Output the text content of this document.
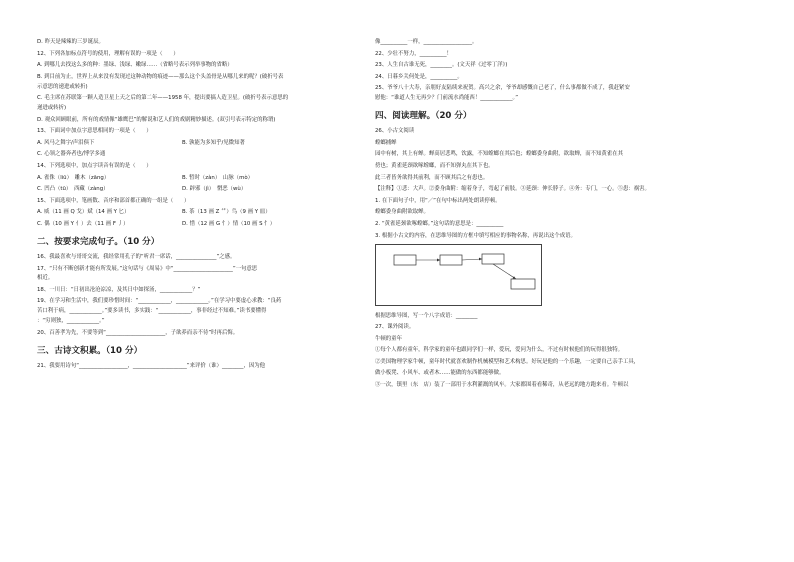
D. 昨天是辣辣的三岁诞辰。

12、下列各加标点符号的使用，理解有误的一项是（　　）

A. 到哪儿去找这么多的种：墨绿、浅绿、嫩绿……（省略号表示列举事物的省略）

B. 到目前为止，世界上从来没有发现过这种动物的痕迹——那么这个头盖骨是从哪儿来的呢？(破折号表

示意思的递进或转折)

C. 毛主席在苏联第一颗人造卫星上天之后的第二年——1958 年，提出要搞人造卫星。(破折号表示意思的

递进或转折)

D. 观众回顾眼前，所有的戏情像“雄鹰巴”的解说和艺人们的戏剧精妙描述。(双引号表示特定的称谓)

13、下面词中加点字意思相同的一项是（　　）

A. 风马之舞字/声泪俱下	B. 孰能为多知乎/见微知著

C. 心领之器奔者也/博学多通

14、下列选项中，加点字读音有误的是（　　）

A. 雀侏（liū）　雕木（zāng）	B. 暂时（zàn）　山脉（mò）
C. 凹凸（tū）　西藏（zàng）	D. 辟邪（jì）　惘恶（wù）

15、下面选项中，笔画数、音序和部首都正确的一组是（　　）

A. 威（11 画 Q 戈）斌（14 画 Y 匕）	B. 茶（13 画 Z 艹）鸟（9 画 Y 皿）
C. 偶（10 画 Y 亻）去（11 画 F 丿）	D. 惜（12 画 G 忄）情（10 画 S 忄）
二、按要求完成句子。（10 分）

16、我最喜欢与哥哥交流，我经常用孔子的“听君一席话，_______________”之感。

17、“只有不断创新才能有所发展。”这句话与《周易》中“______________________”一句意思

相近。

18、一川日：“日初出沧沧凉凉，及其日中如探汤，____________？”

19、在学习和生活中，我们要珍惜时间：“____________，____________。”在学习中要虚心求教：“良药

苦口利于病，____________。”要多读书，多实践：“____________，事非经过不知难。”读书要懂得

：“穷则独，____________。”

20、百善孝为先，不要等到“______________________，子欲养而亲不待”时再后悔。

三、古诗文积累。（10 分）

21、我要用诗句“__________________，____________________”来评价（谁）________，因为他

像__________一样，__________________。

22、少壮不努力，__________！

23、人生自古谁无死，________。(文天祥《过零丁洋》)

24、日暮乡关何处是，__________。

25、爷爷八十大寿，亲朋好友陆续来祝贺。高兴之余，爷爷却感慨自己老了，什么事都做不成了，我赶紧安

慰他：“谁道人生无再少？门前流水尚能西！____________。”

四、阅读理解。（20 分）

26、小古文阅读

螳螂捕蝉

园中有树，其上有蝉。蝉高居悲鸣，饮露，不知螳螂在其后也；螳螂委身曲附，欲取蝉，而不知黄雀在其

傍也；黄雀延颈欲啄螳螂，而不知弹丸在其下也。

此三者皆务欲得其前利，而不顾其后之有患也。

【注释】①悲：大声。②委身曲附：缩着身子，弯起了前肢。③延颈：伸长脖子。④务：专门，一心。⑤患：祸害。

1. 在下面句子中，用“／”在句中标出两处朗读停顿。

螳螂委身曲附欲取蝉。

2. “黄雀延颈欲啄螳螂。”这句话的意思是：__________

3. 根据小古文的内容，在思维导图的方框中填写相应的事物名称，再说出这个成语。

根据思维导图，写一个八字成语：________

27、课外阅读。

牛顿的童年

①每个人都有童年，科学家的童年也跟同学们一样，爱玩，爱问为什么，不过有时候他们的玩得很独特。

②美国物理学家牛顿，童年时代就喜欢制作机械模型和艺术构思。好玩是他的一个乐趣，一定要自己亲手工具，

做小板凳、小风车、或者木……能做的东西都能够做。

③一次，镇里（东　店）装了一部用于水利灌溉的风车。大家都围着看稀奇，从老远的地方跑来看。牛顿以
